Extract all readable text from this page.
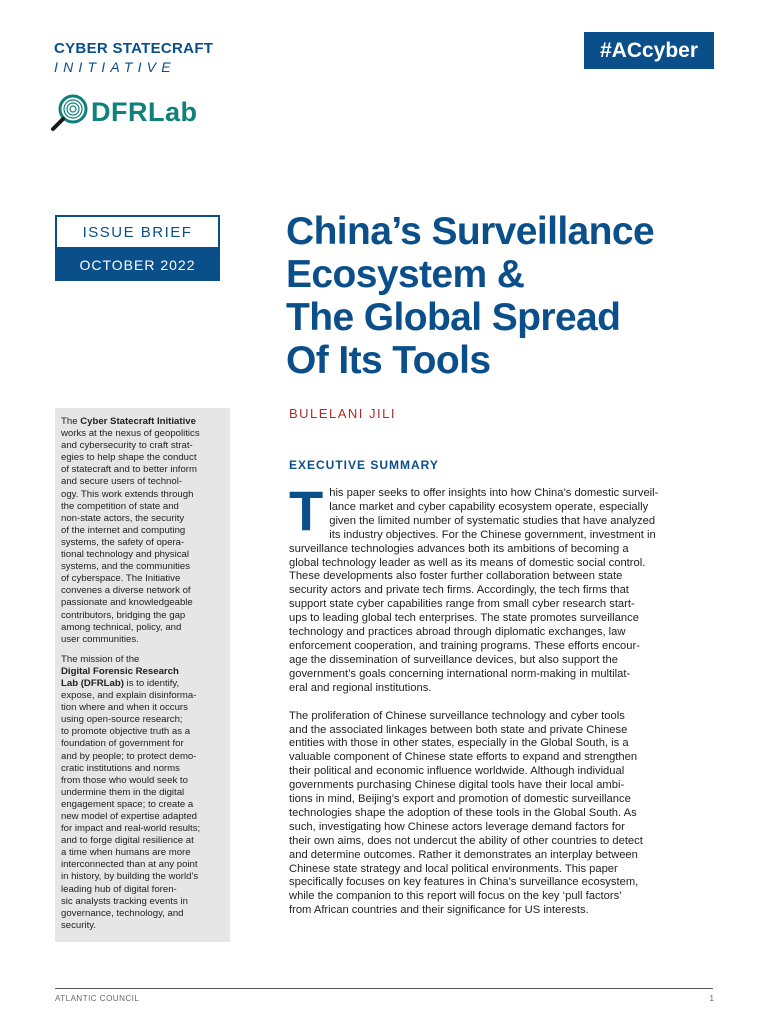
CYBER STATECRAFT
INITIATIVE
DFRLab
#ACcyber
ISSUE BRIEF
OCTOBER 2022
China’s Surveillance
Ecosystem &
The Global Spread
Of Its Tools
BULELANI JILI
EXECUTIVE SUMMARY

The Cyber Statecraft Initiative
works at the nexus of geopolitics
and cybersecurity to craft strat-
egies to help shape the conduct
of statecraft and to better inform
and secure users of technol-
ogy. This work extends through
the competition of state and
non-state actors, the security
of the internet and computing
systems, the safety of opera-
tional technology and physical
systems, and the communities
of cyberspace. The Initiative
convenes a diverse network of
passionate and knowledgeable
contributors, bridging the gap
among technical, policy, and
user communities.

The mission of the
Digital Forensic Research
Lab (DFRLab) is to identify,
expose, and explain disinforma-
tion where and when it occurs
using open-source research;
to promote objective truth as a
foundation of government for
and by people; to protect demo-
cratic institutions and norms
from those who would seek to
undermine them in the digital
engagement space; to create a
new model of expertise adapted
for impact and real-world results;
and to forge digital resilience at
a time when humans are more
interconnected than at any point
in history, by building the world’s
leading hub of digital foren-
sic analysts tracking events in
governance, technology, and
security.

T his paper seeks to offer insights into how China’s domestic surveil-
lance market and cyber capability ecosystem operate, especially
given the limited number of systematic studies that have analyzed
its industry objectives. For the Chinese government, investment in
surveillance technologies advances both its ambitions of becoming a
global technology leader as well as its means of domestic social control.
These developments also foster further collaboration between state
security actors and private tech firms. Accordingly, the tech firms that
support state cyber capabilities range from small cyber research start-
ups to leading global tech enterprises. The state promotes surveillance
technology and practices abroad through diplomatic exchanges, law
enforcement cooperation, and training programs. These efforts encour-
age the dissemination of surveillance devices, but also support the
government’s goals concerning international norm-making in multilat-
eral and regional institutions.

The proliferation of Chinese surveillance technology and cyber tools
and the associated linkages between both state and private Chinese
entities with those in other states, especially in the Global South, is a
valuable component of Chinese state efforts to expand and strengthen
their political and economic influence worldwide. Although individual
governments purchasing Chinese digital tools have their local ambi-
tions in mind, Beijing’s export and promotion of domestic surveillance
technologies shape the adoption of these tools in the Global South. As
such, investigating how Chinese actors leverage demand factors for
their own aims, does not undercut the ability of other countries to detect
and determine outcomes. Rather it demonstrates an interplay between
Chinese state strategy and local political environments. This paper
specifically focuses on key features in China’s surveillance ecosystem,
while the companion to this report will focus on the key ‘pull factors’
from African countries and their significance for US interests.

ATLANTIC COUNCIL	1
